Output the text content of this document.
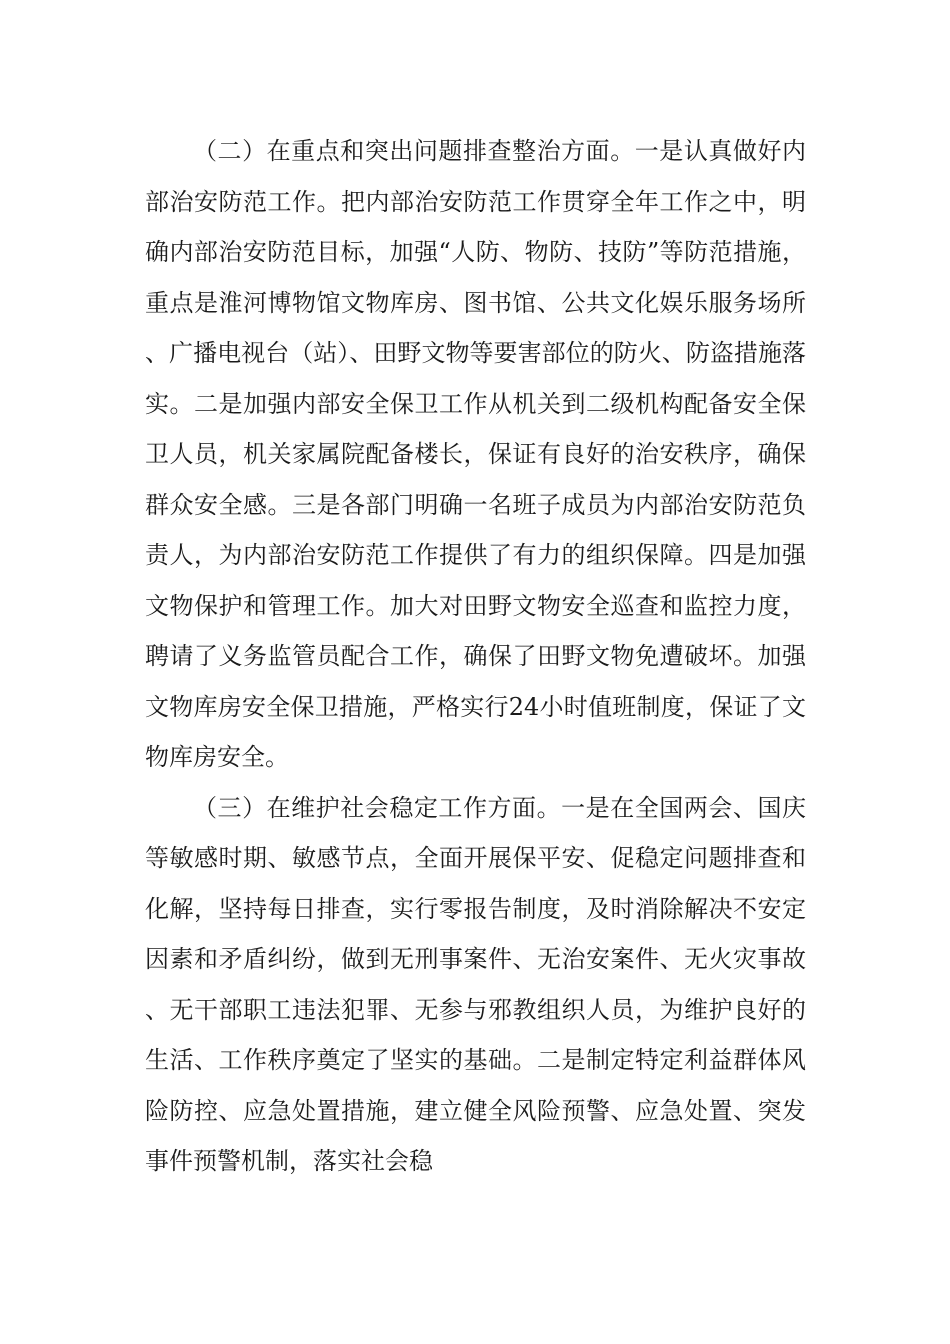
（二）在重点和突出问题排查整治方面。一是认真做好内部治安防范工作。把内部治安防范工作贯穿全年工作之中，明确内部治安防范目标，加强“人防、物防、技防”等防范措施，重点是淮河博物馆文物库房、图书馆、公共文化娱乐服务场所、广播电视台（站）、田野文物等要害部位的防火、防盗措施落实。二是加强内部安全保卫工作从机关到二级机构配备安全保卫人员，机关家属院配备楼长，保证有良好的治安秩序，确保群众安全感。三是各部门明确一名班子成员为内部治安防范负责人，为内部治安防范工作提供了有力的组织保障。四是加强文物保护和管理工作。加大对田野文物安全巡查和监控力度，聘请了义务监管员配合工作，确保了田野文物免遭破坏。加强文物库房安全保卫措施，严格实行24小时值班制度，保证了文物库房安全。

（三）在维护社会稳定工作方面。一是在全国两会、国庆等敏感时期、敏感节点，全面开展保平安、促稳定问题排查和化解，坚持每日排查，实行零报告制度，及时消除解决不安定因素和矛盾纠纷，做到无刑事案件、无治安案件、无火灾事故、无干部职工违法犯罪、无参与邪教组织人员，为维护良好的生活、工作秩序奠定了坚实的基础。二是制定特定利益群体风险防控、应急处置措施，建立健全风险预警、应急处置、突发事件预警机制，落实社会稳
